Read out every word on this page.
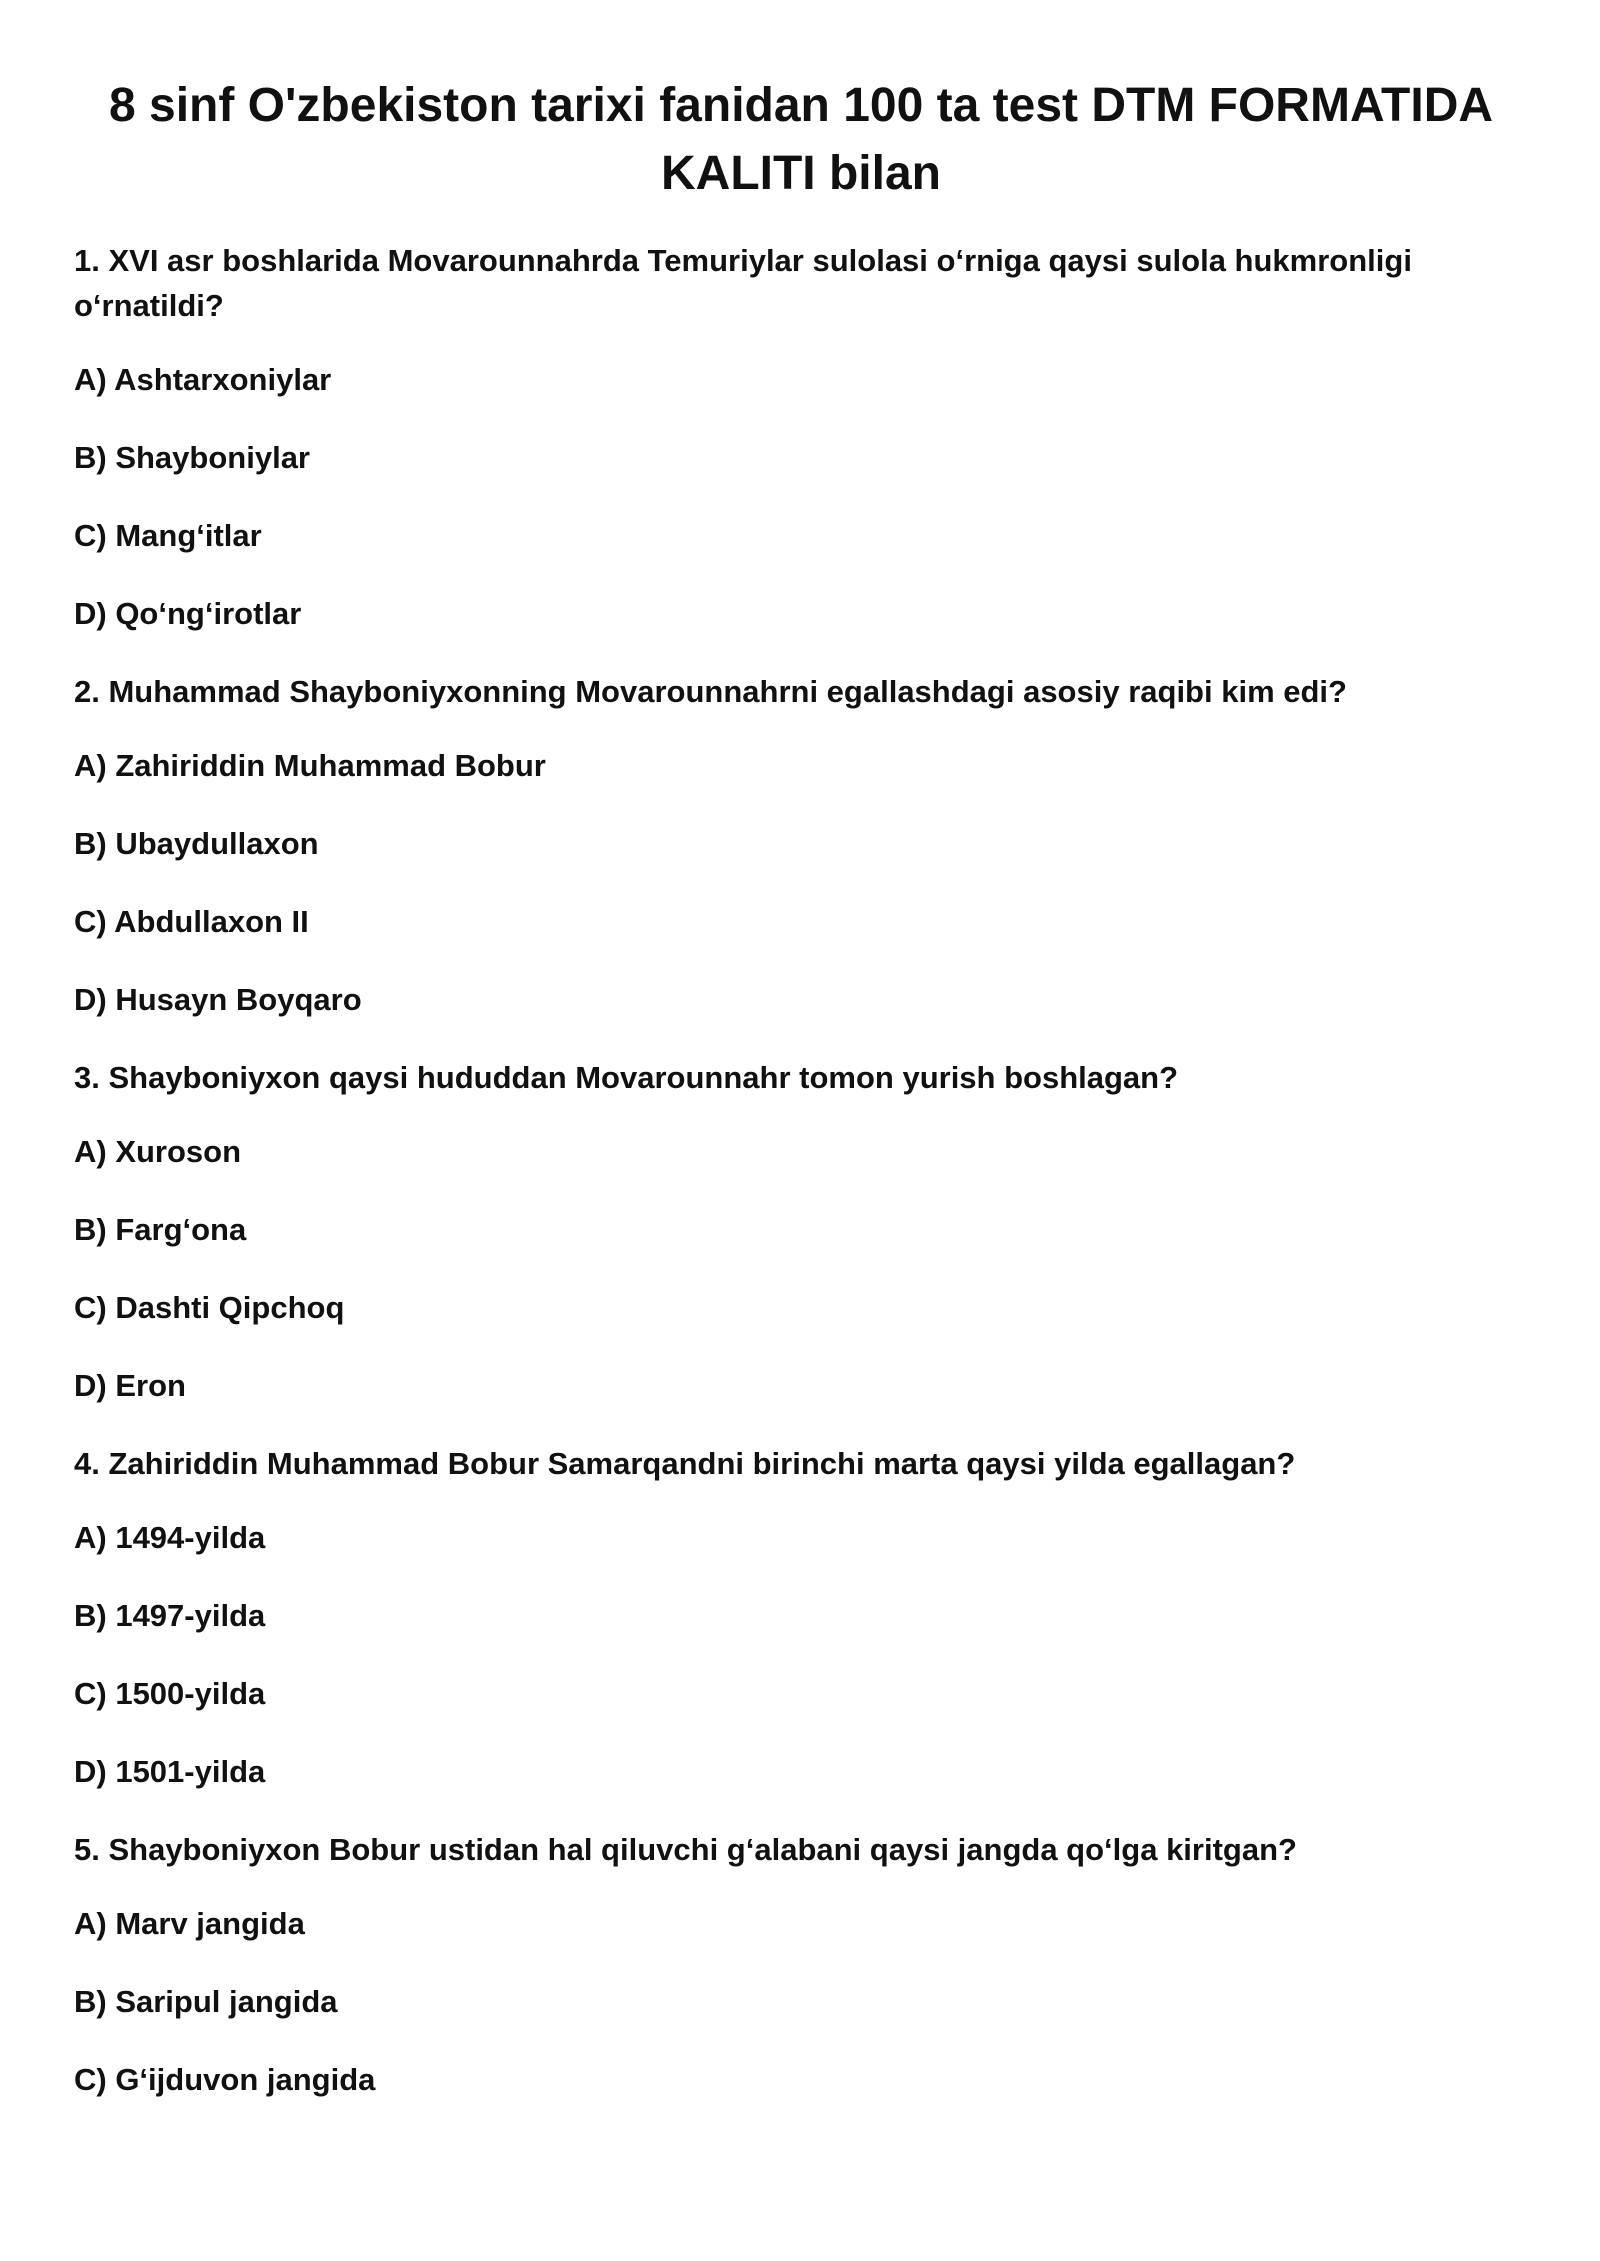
8 sinf O'zbekiston tarixi fanidan 100 ta test DTM FORMATIDA KALITI bilan

1. XVI asr boshlarida Movarounnahrda Temuriylar sulolasi o‘rniga qaysi sulola hukmronligi o‘rnatildi?

A) Ashtarxoniylar

B) Shayboniylar

C) Mang‘itlar

D) Qo‘ng‘irotlar

2. Muhammad Shayboniyxonning Movarounnahrni egallashdagi asosiy raqibi kim edi?

A) Zahiriddin Muhammad Bobur

B) Ubaydullaxon

C) Abdullaxon II

D) Husayn Boyqaro

3. Shayboniyxon qaysi hududdan Movarounnahr tomon yurish boshlagan?

A) Xuroson

B) Farg‘ona

C) Dashti Qipchoq

D) Eron

4. Zahiriddin Muhammad Bobur Samarqandni birinchi marta qaysi yilda egallagan?

A) 1494-yilda

B) 1497-yilda

C) 1500-yilda

D) 1501-yilda

5. Shayboniyxon Bobur ustidan hal qiluvchi g‘alabani qaysi jangda qo‘lga kiritgan?

A) Marv jangida

B) Saripul jangida

C) G‘ijduvon jangida
